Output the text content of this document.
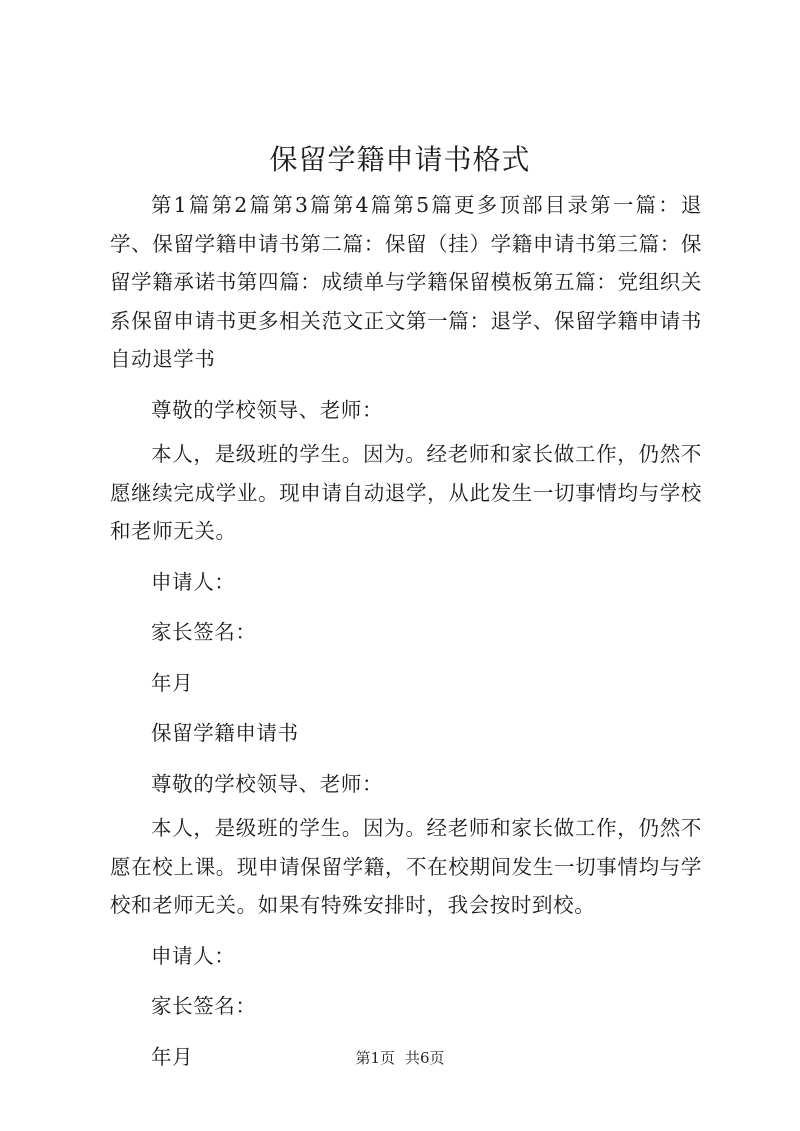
保留学籍申请书格式

第1篇第2篇第3篇第4篇第5篇更多顶部目录第一篇：退学、保留学籍申请书第二篇：保留（挂）学籍申请书第三篇：保留学籍承诺书第四篇：成绩单与学籍保留模板第五篇：党组织关系保留申请书更多相关范文正文第一篇：退学、保留学籍申请书自动退学书

尊敬的学校领导、老师：

本人，是级班的学生。因为。经老师和家长做工作，仍然不愿继续完成学业。现申请自动退学，从此发生一切事情均与学校和老师无关。

申请人：

家长签名：

年月

保留学籍申请书

尊敬的学校领导、老师：

本人，是级班的学生。因为。经老师和家长做工作，仍然不愿在校上课。现申请保留学籍，不在校期间发生一切事情均与学校和老师无关。如果有特殊安排时，我会按时到校。

申请人：

家长签名：

年月	第1页 共6页
